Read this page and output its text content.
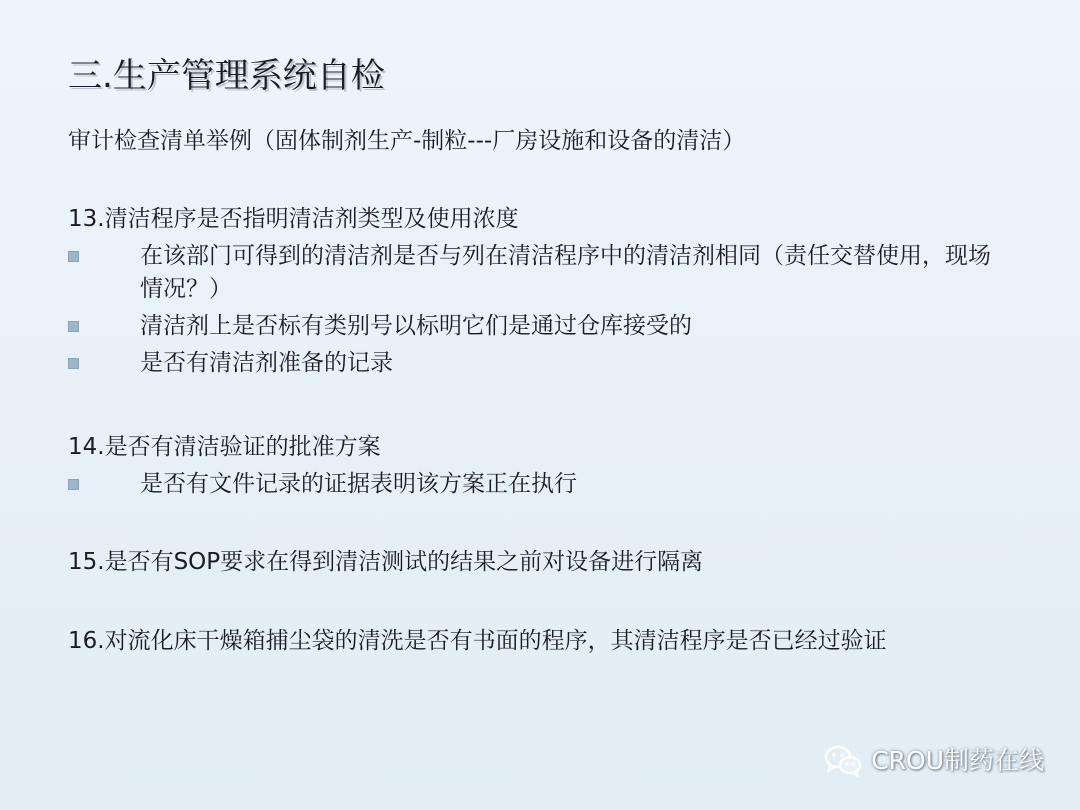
三.生产管理系统自检
审计检查清单举例（固体制剂生产-制粒---厂房设施和设备的清洁）
13.清洁程序是否指明清洁剂类型及使用浓度
在该部门可得到的清洁剂是否与列在清洁程序中的清洁剂相同（责任交替使用，现场情况？）
清洁剂上是否标有类别号以标明它们是通过仓库接受的
是否有清洁剂准备的记录
14.是否有清洁验证的批准方案
是否有文件记录的证据表明该方案正在执行
15.是否有SOP要求在得到清洁测试的结果之前对设备进行隔离
16.对流化床干燥箱捕尘袋的清洗是否有书面的程序，其清洁程序是否已经过验证
CROU制药在线
